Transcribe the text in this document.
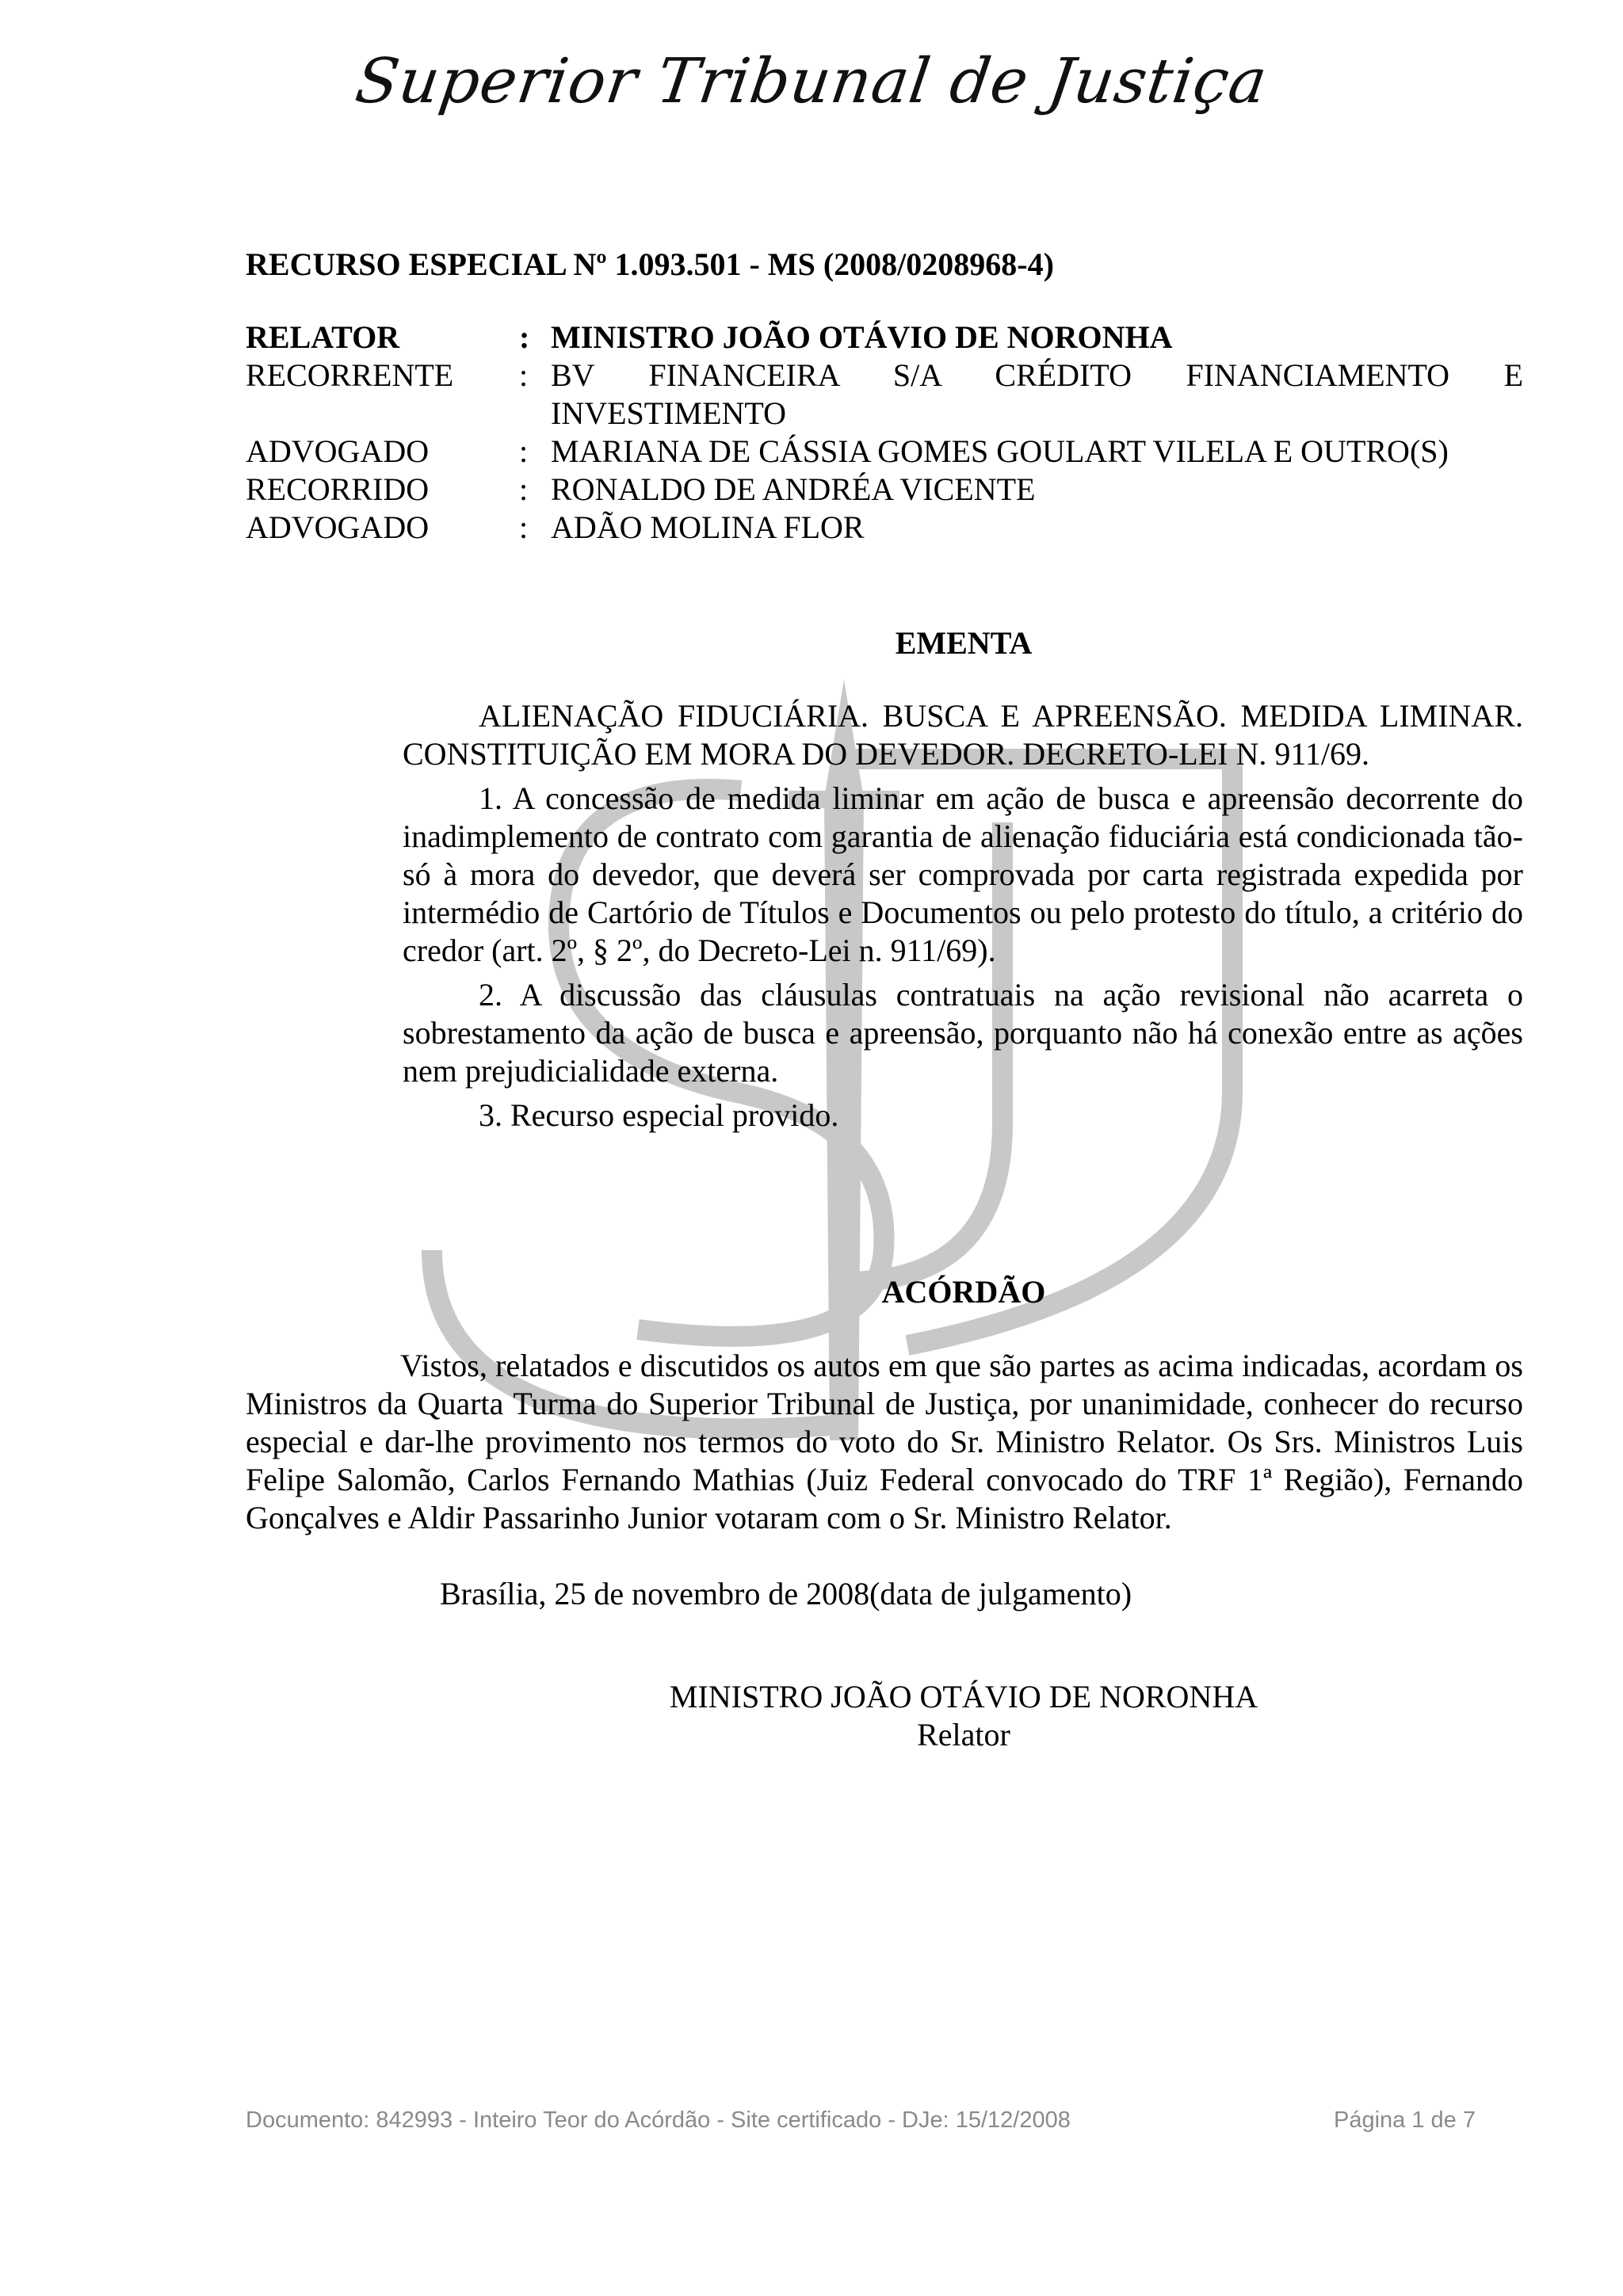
Superior Tribunal de Justiça

RECURSO ESPECIAL Nº 1.093.501 - MS (2008/0208968-4)

RELATOR	:	MINISTRO JOÃO OTÁVIO DE NORONHA
RECORRENTE	:	BV FINANCEIRA S/A CRÉDITO FINANCIAMENTO E INVESTIMENTO
ADVOGADO	:	MARIANA DE CÁSSIA GOMES GOULART VILELA E OUTRO(S)
RECORRIDO	:	RONALDO DE ANDRÉA VICENTE
ADVOGADO	:	ADÃO MOLINA FLOR

EMENTA

ALIENAÇÃO FIDUCIÁRIA. BUSCA E APREENSÃO. MEDIDA LIMINAR. CONSTITUIÇÃO EM MORA DO DEVEDOR. DECRETO-LEI N. 911/69.

1. A concessão de medida liminar em ação de busca e apreensão decorrente do inadimplemento de contrato com garantia de alienação fiduciária está condicionada tão-só à mora do devedor, que deverá ser comprovada por carta registrada expedida por intermédio de Cartório de Títulos e Documentos ou pelo protesto do título, a critério do credor (art. 2º, § 2º, do Decreto-Lei n. 911/69).

2. A discussão das cláusulas contratuais na ação revisional não acarreta o sobrestamento da ação de busca e apreensão, porquanto não há conexão entre as ações nem prejudicialidade externa.

3. Recurso especial provido.

ACÓRDÃO

Vistos, relatados e discutidos os autos em que são partes as acima indicadas, acordam os Ministros da Quarta Turma do Superior Tribunal de Justiça, por unanimidade, conhecer do recurso especial e dar-lhe provimento nos termos do voto do Sr. Ministro Relator. Os Srs. Ministros Luis Felipe Salomão, Carlos Fernando Mathias (Juiz Federal convocado do TRF 1ª Região), Fernando Gonçalves e Aldir Passarinho Junior votaram com o Sr. Ministro Relator.

Brasília, 25 de novembro de 2008(data de julgamento)
MINISTRO JOÃO OTÁVIO DE NORONHA
Relator
Documento: 842993 - Inteiro Teor do Acórdão - Site certificado - DJe: 15/12/2008	Página 1 de 7
